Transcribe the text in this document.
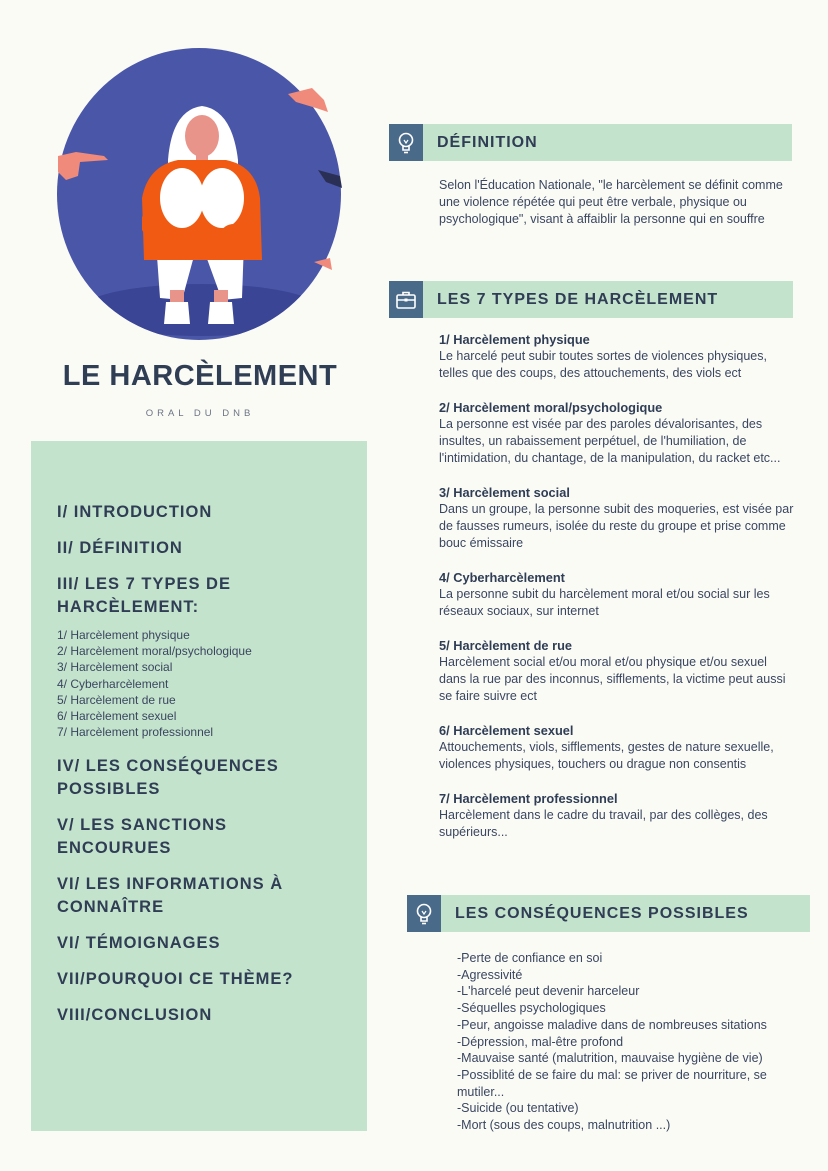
LE HARCÈLEMENT
ORAL DU DNB
I/ INTRODUCTION
II/ DÉFINITION
III/ LES 7 TYPES DE HARCÈLEMENT:
1/ Harcèlement physique
2/ Harcèlement moral/psychologique
3/ Harcèlement social
4/ Cyberharcèlement
5/ Harcèlement de rue
6/ Harcèlement sexuel
7/ Harcèlement professionnel
IV/ LES CONSÉQUENCES POSSIBLES
V/ LES SANCTIONS ENCOURUES
VI/ LES INFORMATIONS À CONNAÎTRE
VI/ TÉMOIGNAGES
VII/POURQUOI CE THÈME?
VIII/CONCLUSION
DÉFINITION
Selon l'Éducation Nationale, "le harcèlement se définit comme une violence répétée qui peut être verbale, physique ou psychologique", visant à affaiblir la personne qui en souffre
LES 7 TYPES DE HARCÈLEMENT
1/ Harcèlement physique
Le harcelé peut subir toutes sortes de violences physiques, telles que des coups, des attouchements, des viols ect
2/ Harcèlement moral/psychologique
La personne est visée par des paroles dévalorisantes, des insultes, un rabaissement perpétuel, de l'humiliation, de l'intimidation, du chantage, de la manipulation, du racket etc...
3/ Harcèlement social
Dans un groupe, la personne subit des moqueries, est visée par de fausses rumeurs, isolée du reste du groupe et prise comme bouc émissaire
4/ Cyberharcèlement
La personne subit du harcèlement moral et/ou social sur les réseaux sociaux, sur internet
5/ Harcèlement de rue
Harcèlement social et/ou moral et/ou physique et/ou sexuel dans la rue par des inconnus, sifflements, la victime peut aussi se faire suivre ect
6/ Harcèlement sexuel
Attouchements, viols, sifflements, gestes de nature sexuelle, violences physiques, touchers ou drague non consentis
7/ Harcèlement professionnel
Harcèlement dans le cadre du travail, par des collèges, des supérieurs...
LES CONSÉQUENCES POSSIBLES
-Perte de confiance en soi
-Agressivité
-L'harcelé peut devenir harceleur
-Séquelles psychologiques
-Peur, angoisse maladive dans de nombreuses sitations
-Dépression, mal-être profond
-Mauvaise santé (malutrition, mauvaise hygiène de vie)
-Possiblité de se faire du mal: se priver de nourriture, se mutiler...
-Suicide (ou tentative)
-Mort (sous des coups, malnutrition ...)
